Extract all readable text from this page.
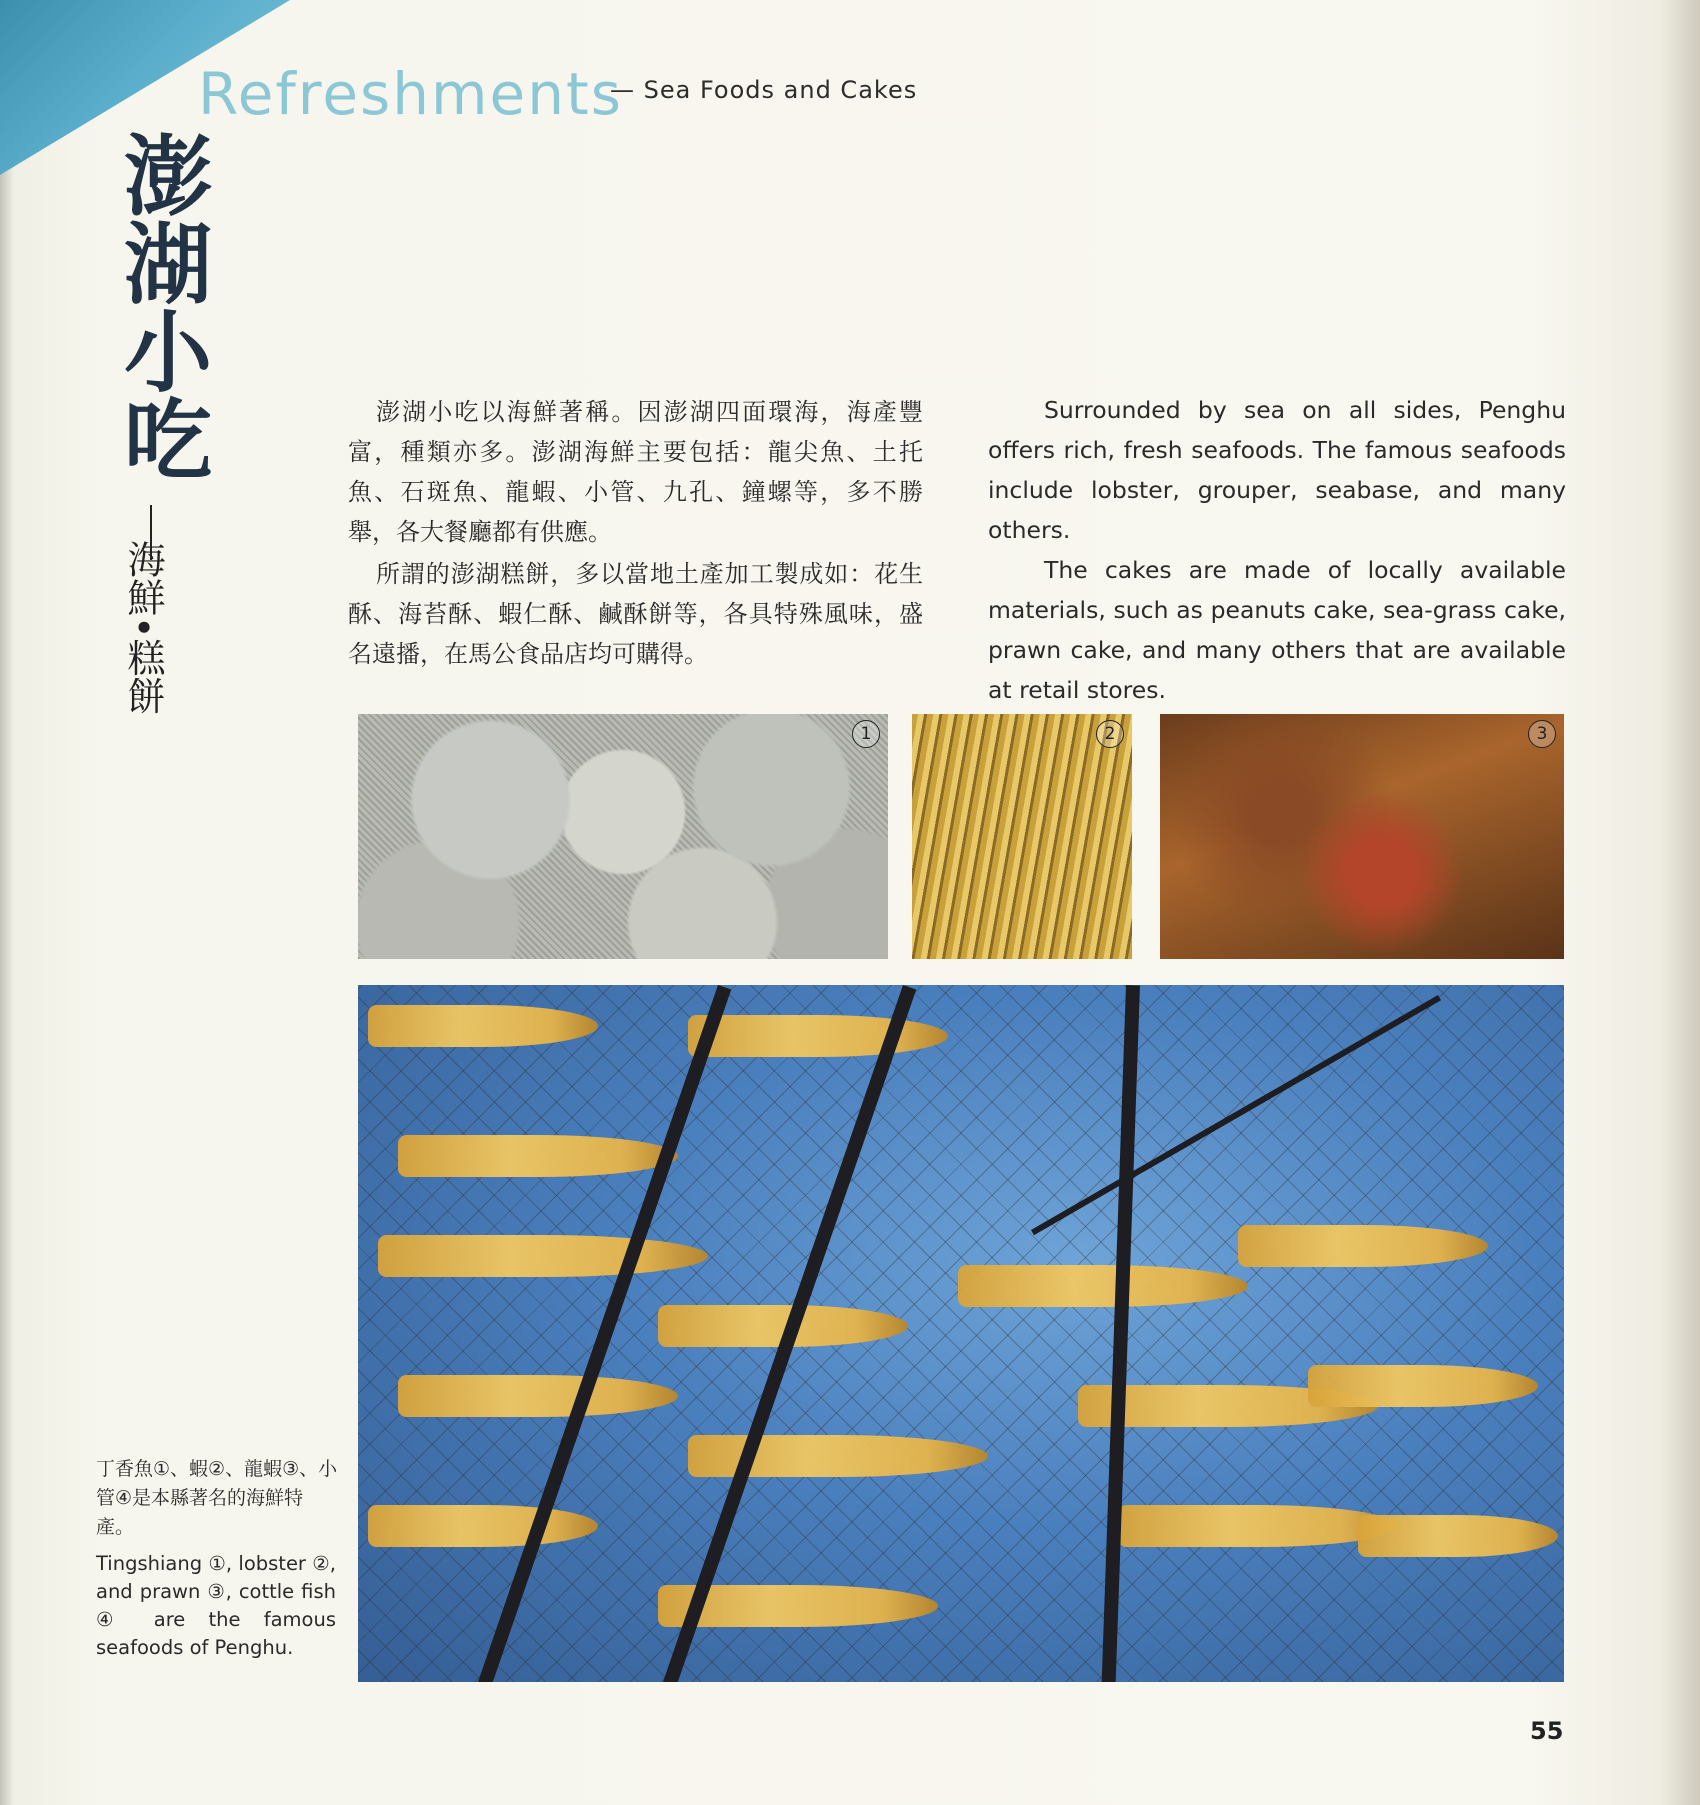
Refreshments
— Sea Foods and Cakes
澎湖小吃
海鮮•糕餅

澎湖小吃以海鮮著稱。因澎湖四面環海，海產豐富，種類亦多。澎湖海鮮主要包括：龍尖魚、土托魚、石斑魚、龍蝦、小管、九孔、鐘螺等，多不勝舉，各大餐廳都有供應。

所謂的澎湖糕餅，多以當地土產加工製成如：花生酥、海苔酥、蝦仁酥、鹹酥餅等，各具特殊風味，盛名遠播，在馬公食品店均可購得。

Surrounded by sea on all sides, Penghu offers rich, fresh seafoods. The famous seafoods include lobster, grouper, seabase, and many others.

The cakes are made of locally available materials, such as peanuts cake, sea-grass cake, prawn cake, and many others that are available at retail stores.

1	2	3
丁香魚①、蝦②、龍蝦③、小管④是本縣著名的海鮮特產。
Tingshiang ①, lobster ②, and prawn ③, cottle fish ④ are the famous seafoods of Penghu.
55
